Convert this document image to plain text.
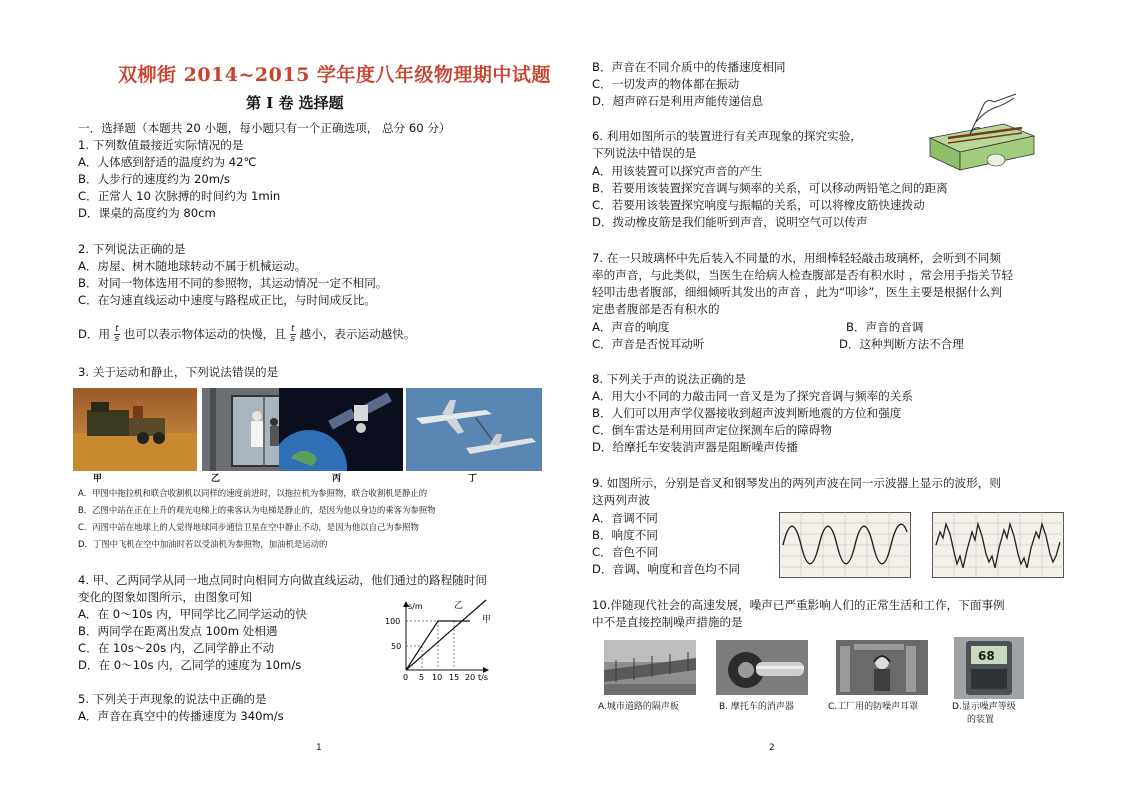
双柳街 2014~2015 学年度八年级物理期中试题
第 I 卷 选择题
一．选择题（本题共 20 小题，每小题只有一个正确选项， 总分 60 分）
1. 下列数值最接近实际情况的是
A．人体感到舒适的温度约为 42℃
B．人步行的速度约为 20m/s
C．正常人 10 次脉搏的时间约为 1min
D．课桌的高度约为 80cm
2. 下列说法正确的是
A．房屋、树木随地球转动不属于机械运动。
B．对同一物体选用不同的参照物，其运动情况一定不相同。
C．在匀速直线运动中速度与路程成正比，与时间成反比。
D．用 $\frac{t}{s}$ 也可以表示物体运动的快慢，且 $\frac{t}{s}$ 越小，表示运动越快。
3. 关于运动和静止，下列说法错误的是
甲	乙	丙	丁
A．甲图中拖拉机和联合收割机以同样的速度前进时，以拖拉机为参照物，联合收割机是静止的
B．乙图中站在正在上升的观光电梯上的乘客认为电梯是静止的，是因为他以身边的乘客为参照物
C．丙图中站在地球上的人觉得地球同步通信卫星在空中静止不动，是因为他以自己为参照物
D．丁图中飞机在空中加油时若以受油机为参照物，加油机是运动的
4. 甲、乙两同学从同一地点同时向相同方向做直线运动，他们通过的路程随时间
变化的图象如图所示，由图象可知
A．在 0～10s 内，甲同学比乙同学运动的快
B．两同学在距离出发点 100m 处相遇
C．在 10s～20s 内，乙同学静止不动
D．在 0～10s 内，乙同学的速度为 10m/s
s/m
t/s
100
50
0 5 10 15 20
乙
甲
5. 下列关于声现象的说法中正确的是
A．声音在真空中的传播速度为 340m/s
1
B．声音在不同介质中的传播速度相同
C．一切发声的物体都在振动
D．超声碎石是利用声能传递信息
6. 利用如图所示的装置进行有关声现象的探究实验，
下列说法中错误的是
A．用该装置可以探究声音的产生
B．若要用该装置探究音调与频率的关系，可以移动两铅笔之间的距离
C．若要用该装置探究响度与振幅的关系，可以将橡皮筋快速拨动
D．拨动橡皮筋是我们能听到声音，说明空气可以传声
7. 在一只玻璃杯中先后装入不同量的水，用细棒轻轻敲击玻璃杯，会听到不同频
率的声音，与此类似，当医生在给病人检查腹部是否有积水时 ，常会用手指关节轻
轻叩击患者腹部，细细倾听其发出的声音 ，此为“叩诊”，医生主要是根据什么判
定患者腹部是否有积水的
A．声音的响度	B．声音的音调
C．声音是否悦耳动听	D．这种判断方法不合理
8. 下列关于声的说法正确的是
A．用大小不同的力敲击同一音叉是为了探究音调与频率的关系
B．人们可以用声学仪器接收到超声波判断地震的方位和强度
C．倒车雷达是利用回声定位探测车后的障碍物
D．给摩托车安装消声器是阻断噪声传播
9. 如图所示，分别是音叉和钢琴发出的两列声波在同一示波器上显示的波形，则
这两列声波
A．音调不同
B．响度不同
C．音色不同
D．音调、响度和音色均不同
10.伴随现代社会的高速发展，噪声已严重影响人们的正常生活和工作，下面事例
中不是直接控制噪声措施的是
68
A.城市道路的隔声板	B. 摩托车的消声器	C.工厂用的防噪声耳罩	D.显示噪声等级
的装置
2
